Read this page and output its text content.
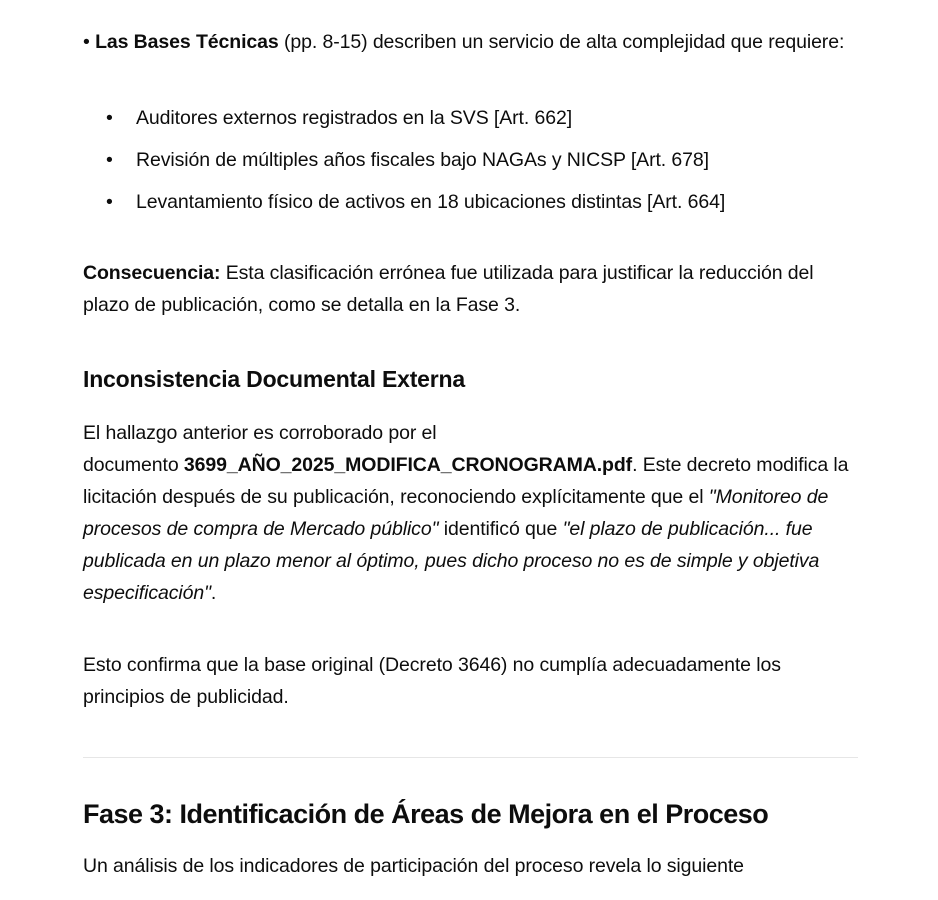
• Las Bases Técnicas (pp. 8-15) describen un servicio de alta complejidad que requiere:

•	Auditores externos registrados en la SVS [Art. 662]
•	Revisión de múltiples años fiscales bajo NAGAs y NICSP [Art. 678]
•	Levantamiento físico de activos en 18 ubicaciones distintas [Art. 664]

Consecuencia: Esta clasificación errónea fue utilizada para justificar la reducción del plazo de publicación, como se detalla en la Fase 3.

Inconsistencia Documental Externa

El hallazgo anterior es corroborado por el documento 3699_AÑO_2025_MODIFICA_CRONOGRAMA.pdf. Este decreto modifica la licitación después de su publicación, reconociendo explícitamente que el "Monitoreo de procesos de compra de Mercado público" identificó que "el plazo de publicación... fue publicada en un plazo menor al óptimo, pues dicho proceso no es de simple y objetiva especificación".

Esto confirma que la base original (Decreto 3646) no cumplía adecuadamente los principios de publicidad.

Fase 3: Identificación de Áreas de Mejora en el Proceso

Un análisis de los indicadores de participación del proceso revela lo siguiente
